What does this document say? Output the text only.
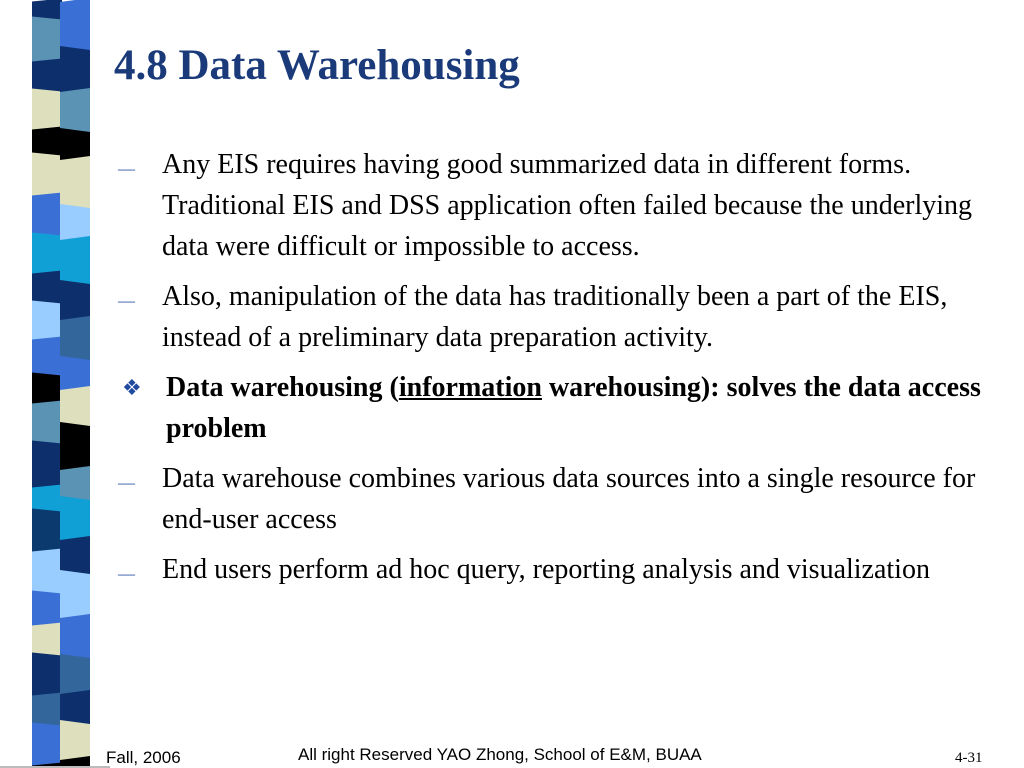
4.8 Data Warehousing
— Any EIS requires having good summarized data in different forms. Traditional EIS and DSS application often failed because the underlying data were difficult or impossible to access.
— Also, manipulation of the data has traditionally been a part of the EIS, instead of a preliminary data preparation activity.
❖ Data warehousing (information warehousing): solves the data access problem
— Data warehouse combines various data sources into a single resource for end-user access
— End users perform ad hoc query, reporting analysis and visualization
Fall, 2006	All right Reserved YAO Zhong, School of E&M, BUAA	4-31
